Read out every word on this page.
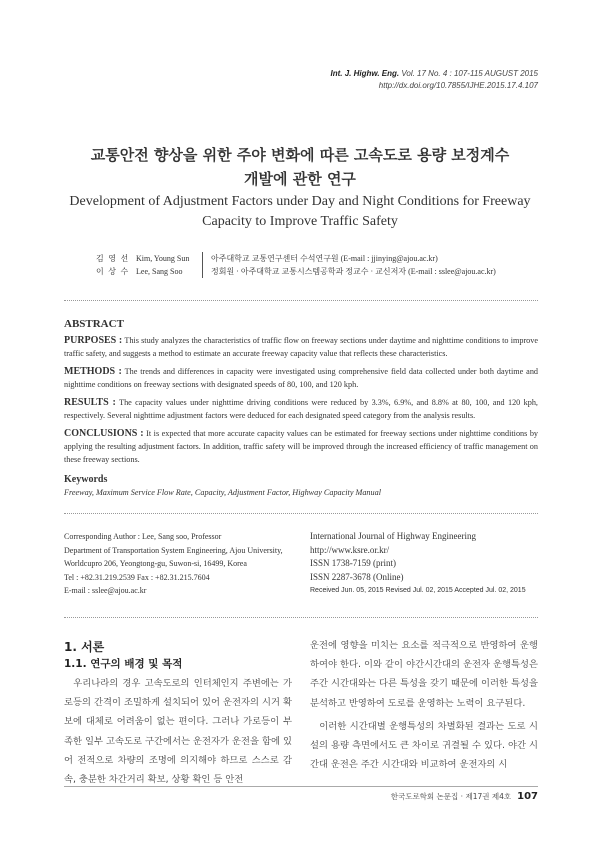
Int. J. Highw. Eng. Vol. 17 No. 4 : 107-115 AUGUST 2015
http://dx.doi.org/10.7855/IJHE.2015.17.4.107
교통안전 향상을 위한 주야 변화에 따른 고속도로 용량 보정계수
개발에 관한 연구
Development of Adjustment Factors under Day and Night Conditions for Freeway
Capacity to Improve Traffic Safety
김 영 선 Kim, Young Sun	아주대학교 교통연구센터 수석연구원 (E-mail : jjinying@ajou.ac.kr)
이 상 수 Lee, Sang Soo	정회원 · 아주대학교 교통시스템공학과 정교수 · 교신저자 (E-mail : sslee@ajou.ac.kr)
ABSTRACT

PURPOSES : This study analyzes the characteristics of traffic flow on freeway sections under daytime and nighttime conditions to improve traffic safety, and suggests a method to estimate an accurate freeway capacity value that reflects these characteristics.

METHODS : The trends and differences in capacity were investigated using comprehensive field data collected under both daytime and nighttime conditions on freeway sections with designated speeds of 80, 100, and 120 kph.

RESULTS : The capacity values under nighttime driving conditions were reduced by 3.3%, 6.9%, and 8.8% at 80, 100, and 120 kph, respectively. Several nighttime adjustment factors were deduced for each designated speed category from the analysis results.

CONCLUSIONS : It is expected that more accurate capacity values can be estimated for freeway sections under nighttime conditions by applying the resulting adjustment factors. In addition, traffic safety will be improved through the increased efficiency of traffic management on these freeway sections.

Keywords
Freeway, Maximum Service Flow Rate, Capacity, Adjustment Factor, Highway Capacity Manual
Corresponding Author : Lee, Sang soo, Professor
Department of Transportation System Engineering, Ajou University,
Worldcupro 206, Yeongtong-gu, Suwon-si, 16499, Korea
Tel : +82.31.219.2539 Fax : +82.31.215.7604
E-mail : sslee@ajou.ac.kr
International Journal of Highway Engineering
http://www.ksre.or.kr/
ISSN 1738-7159 (print)
ISSN 2287-3678 (Online)
Received Jun. 05, 2015 Revised Jul. 02, 2015 Accepted Jul. 02, 2015
1. 서론
1.1. 연구의 배경 및 목적

우리나라의 경우 고속도로의 인터체인지 주변에는 가로등의 간격이 조밀하게 설치되어 있어 운전자의 시거 확보에 대체로 어려움이 없는 편이다. 그러나 가로등이 부족한 일부 고속도로 구간에서는 운전자가 운전을 함에 있어 전적으로 차량의 조명에 의지해야 하므로 스스로 감속, 충분한 차간거리 확보, 상황 확인 등 안전

운전에 영향을 미치는 요소를 적극적으로 반영하여 운행하여야 한다. 이와 같이 야간시간대의 운전자 운행특성은 주간 시간대와는 다른 특성을 갖기 때문에 이러한 특성을 분석하고 반영하여 도로를 운영하는 노력이 요구된다.

이러한 시간대별 운행특성의 차별화된 결과는 도로 시설의 용량 측면에서도 큰 차이로 귀결될 수 있다. 야간 시간대 운전은 주간 시간대와 비교하여 운전자의 시

한국도로학회 논문집 · 제17권 제4호 107
